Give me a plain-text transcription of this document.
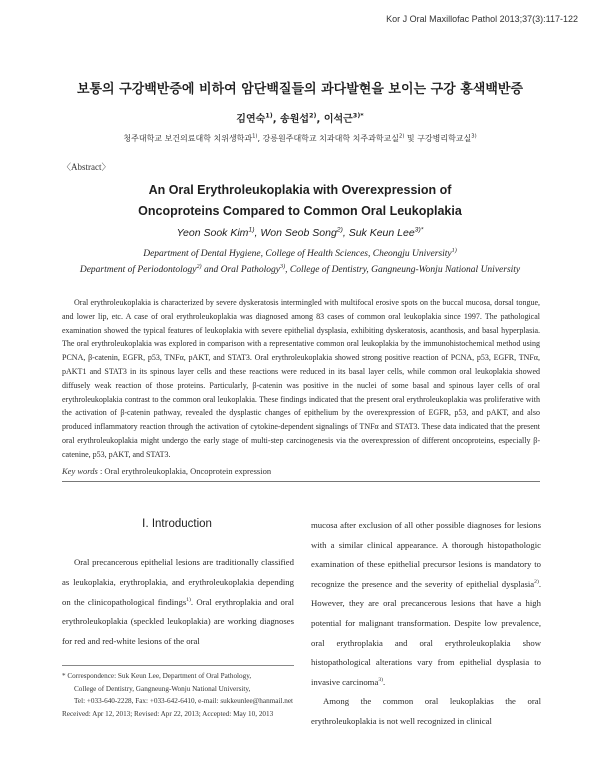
Kor J Oral Maxillofac Pathol 2013;37(3):117-122
보통의 구강백반증에 비하여 암단백질들의 과다발현을 보이는 구강 홍색백반증
김연숙$^{1)}$, 송원섭$^{2)}$, 이석근$^{3)*}$
청주대학교 보건의료대학 치위생학과$^{1)}$, 강릉원주대학교 치과대학 치주과학교실$^{2)}$ 및 구강병리학교실$^{3)}$
〈Abstract〉
An Oral Erythroleukoplakia with Overexpression of
Oncoproteins Compared to Common Oral Leukoplakia
Yeon Sook Kim$^{1)}$, Won Seob Song$^{2)}$, Suk Keun Lee$^{3)*}$
Department of Dental Hygiene, College of Health Sciences, Cheongju University$^{1)}$
Department of Periodontology$^{2)}$ and Oral Pathology$^{3)}$, College of Dentistry, Gangneung-Wonju National University

Oral erythroleukoplakia is characterized by severe dyskeratosis intermingled with multifocal erosive spots on the buccal mucosa, dorsal tongue, and lower lip, etc. A case of oral erythroleukoplakia was diagnosed among 83 cases of common oral leukoplakia since 1997. The pathological examination showed the typical features of leukoplakia with severe epithelial dysplasia, exhibiting dyskeratosis, acanthosis, and basal hyperplasia. The oral erythroleukoplakia was explored in comparison with a representative common oral leukoplakia by the immunohistochemical method using PCNA, β-catenin, EGFR, p53, TNFα, pAKT, and STAT3. Oral erythroleukoplakia showed strong positive reaction of PCNA, p53, EGFR, TNFα, pAKT1 and STAT3 in its spinous layer cells and these reactions were reduced in its basal layer cells, while common oral leukoplakia showed diffusely weak reaction of those proteins. Particularly, β-catenin was positive in the nuclei of some basal and spinous layer cells of oral erythroleukoplakia contrast to the common oral leukoplakia. These findings indicated that the present oral erythroleukoplakia was proliferative with the activation of β-catenin pathway, revealed the dysplastic changes of epithelium by the overexpression of EGFR, p53, and pAKT, and also produced inflammatory reaction through the activation of cytokine-dependent signalings of TNFα and STAT3. These data indicated that the present oral erythroleukoplakia might undergo the early stage of multi-step carcinogenesis via the overexpression of different oncoproteins, especially β-catenine, p53, pAKT, and STAT3.

Key words : Oral erythroleukoplakia, Oncoprotein expression
Ⅰ. Introduction

Oral precancerous epithelial lesions are traditionally classified as leukoplakia, erythroplakia, and erythroleukoplakia depending on the clinicopathological findings$^{1)}$. Oral erythroplakia and oral erythroleukoplakia (speckled leukoplakia) are working diagnoses for red and red-white lesions of the oral

* Correspondence: Suk Keun Lee, Department of Oral Pathology,
College of Dentistry, Gangneung-Wonju National University,
Tel: +033-640-2228, Fax: +033-642-6410, e-mail: sukkeunlee@hanmail.net
Received: Apr 12, 2013; Revised: Apr 22, 2013; Accepted: May 10, 2013

mucosa after exclusion of all other possible diagnoses for lesions with a similar clinical appearance. A thorough histopathologic examination of these epithelial precursor lesions is mandatory to recognize the presence and the severity of epithelial dysplasia$^{2)}$. However, they are oral precancerous lesions that have a high potential for malignant transformation. Despite low prevalence, oral erythroplakia and oral erythroleukoplakia show histopathological alterations vary from epithelial dysplasia to invasive carcinoma$^{3)}$.

Among the common oral leukoplakias the oral erythroleukoplakia is not well recognized in clinical
